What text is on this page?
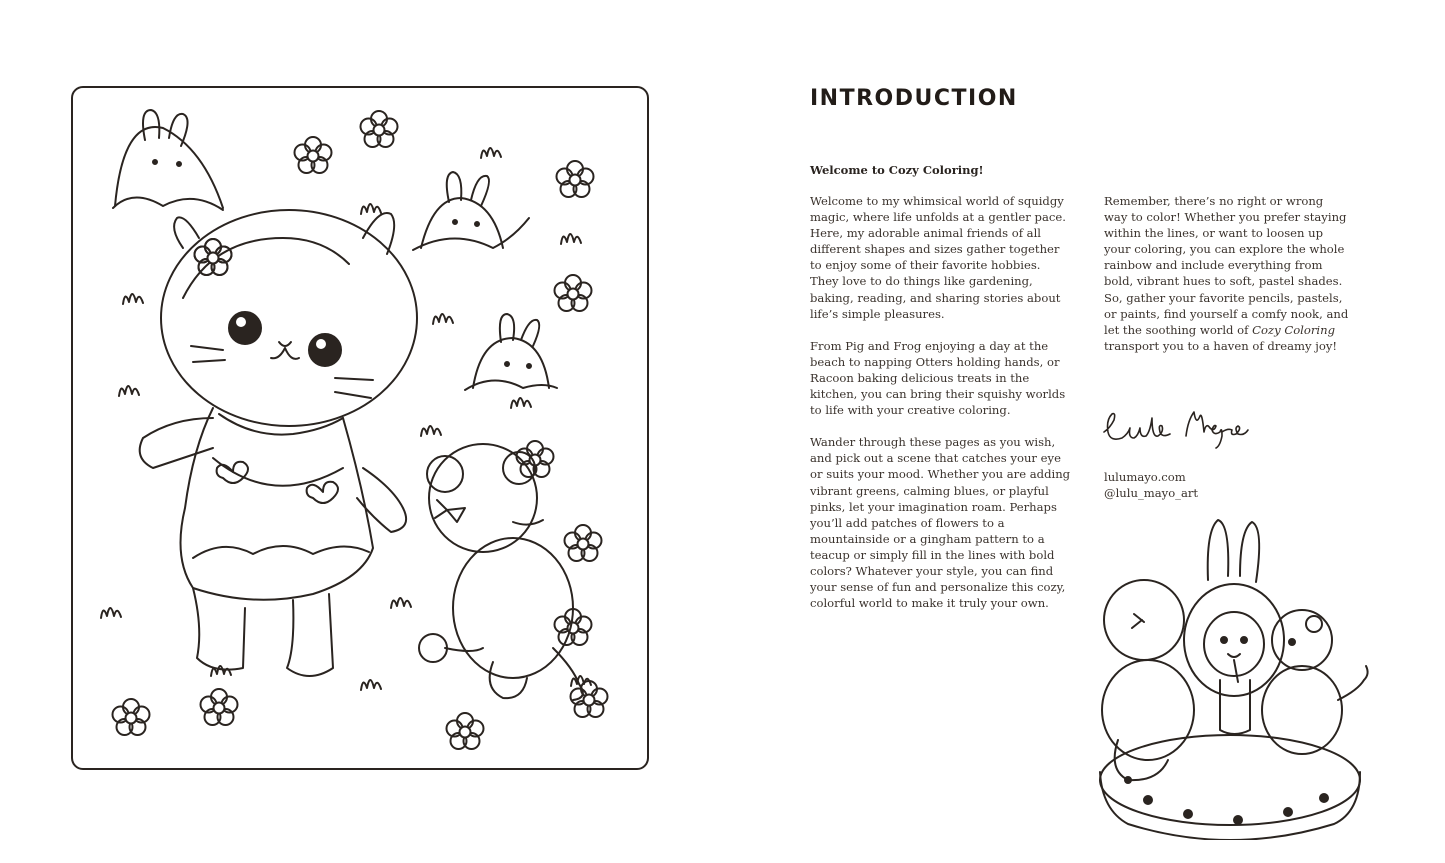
INTRODUCTION
Welcome to Cozy Coloring!

Welcome to my whimsical world of squidgy magic, where life unfolds at a gentler pace. Here, my adorable animal friends of all different shapes and sizes gather together to enjoy some of their favorite hobbies. They love to do things like gardening, baking, reading, and sharing stories about life’s simple pleasures.

From Pig and Frog enjoying a day at the beach to napping Otters holding hands, or Racoon baking delicious treats in the kitchen, you can bring their squishy worlds to life with your creative coloring.

Wander through these pages as you wish, and pick out a scene that catches your eye or suits your mood. Whether you are adding vibrant greens, calming blues, or playful pinks, let your imagination roam. Perhaps you’ll add patches of flowers to a mountainside or a gingham pattern to a teacup or simply fill in the lines with bold colors? Whatever your style, you can find your sense of fun and personalize this cozy, colorful world to make it truly your own.

Remember, there’s no right or wrong way to color! Whether you prefer staying within the lines, or want to loosen up your coloring, you can explore the whole rainbow and include everything from bold, vibrant hues to soft, pastel shades. So, gather your favorite pencils, pastels, or paints, find yourself a comfy nook, and let the soothing world of Cozy Coloring transport you to a haven of dreamy joy!

lulumayo.com
@lulu_mayo_art
